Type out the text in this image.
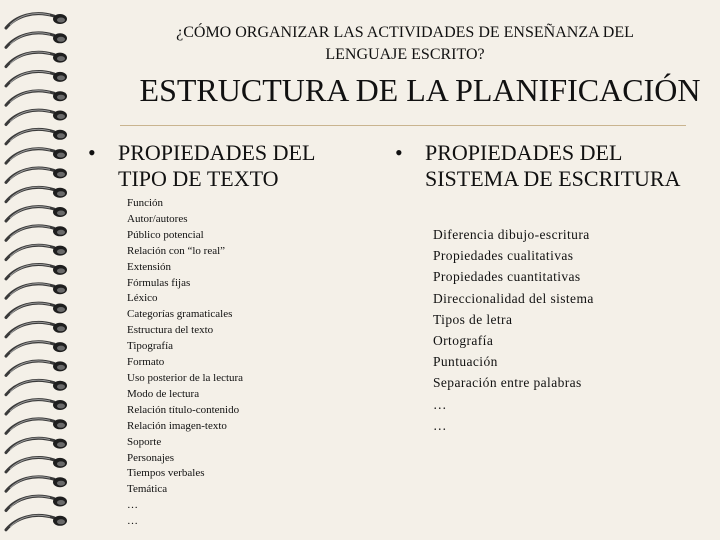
¿CÓMO ORGANIZAR LAS ACTIVIDADES DE ENSEÑANZA DEL
LENGUAJE ESCRITO?
ESTRUCTURA DE LA PLANIFICACIÓN
•	PROPIEDADES DEL TIPO DE TEXTO
Función
Autor/autores
Público potencial
Relación con “lo real”
Extensión
Fórmulas fijas
Léxico
Categorías gramaticales
Estructura del texto
Tipografía
Formato
Uso posterior de la lectura
Modo de lectura
Relación título-contenido
Relación imagen-texto
Soporte
Personajes
Tiempos verbales
Temática
…
…
•	PROPIEDADES DEL SISTEMA DE ESCRITURA
Diferencia dibujo-escritura
Propiedades cualitativas
Propiedades cuantitativas
Direccionalidad del sistema
Tipos de letra
Ortografía
Puntuación
Separación entre palabras
…
…
